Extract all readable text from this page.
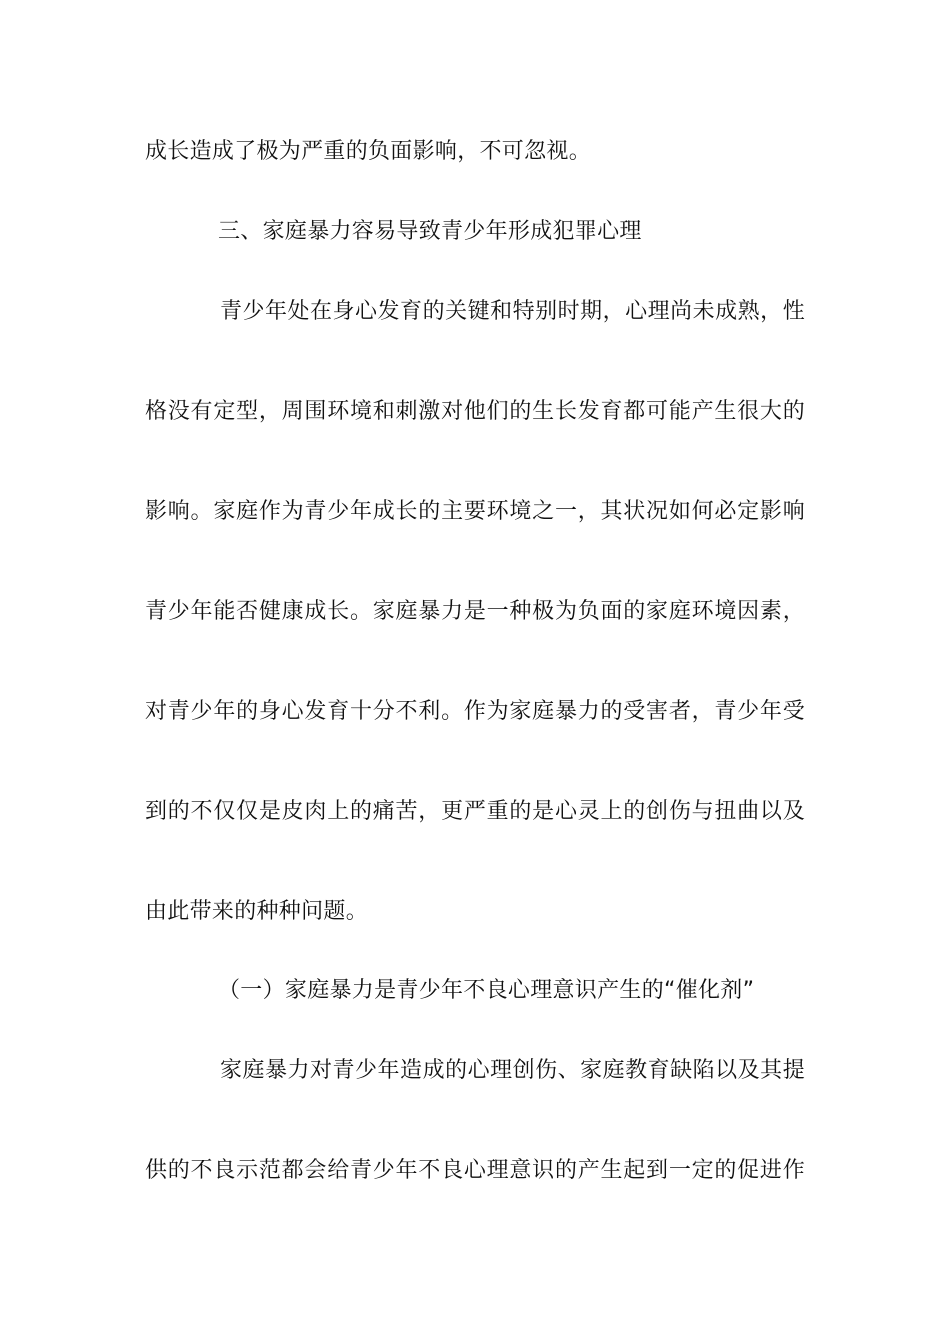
成长造成了极为严重的负面影响，不可忽视。
三、家庭暴力容易导致青少年形成犯罪心理
青少年处在身心发育的关键和特别时期，心理尚未成熟，性
格没有定型，周围环境和刺激对他们的生长发育都可能产生很大的
影响。家庭作为青少年成长的主要环境之一，其状况如何必定影响
青少年能否健康成长。家庭暴力是一种极为负面的家庭环境因素，
对青少年的身心发育十分不利。作为家庭暴力的受害者，青少年受
到的不仅仅是皮肉上的痛苦，更严重的是心灵上的创伤与扭曲以及
由此带来的种种问题。
（一）家庭暴力是青少年不良心理意识产生的“催化剂”
家庭暴力对青少年造成的心理创伤、家庭教育缺陷以及其提
供的不良示范都会给青少年不良心理意识的产生起到一定的促进作
